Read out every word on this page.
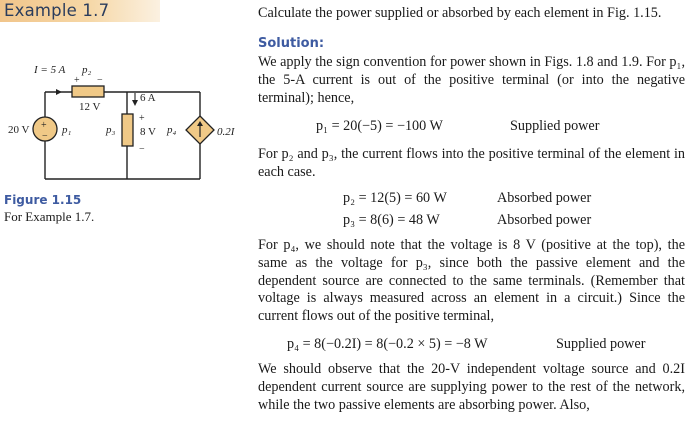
Example 1.7
+
−
I = 5 A p₂
+ −
12 V
20 V	p₁	p₃
6 A
+
8 V
−
p₄	0.2I
Figure 1.15
For Example 1.7.
Calculate the power supplied or absorbed by each element in Fig. 1.15.
Solution:
We apply the sign convention for power shown in Figs. 1.8 and 1.9. For p₁, the 5-A current is out of the positive terminal (or into the negative terminal); hence,
p₁ = 20(−5) = −100 W	Supplied power
For p₂ and p₃, the current flows into the positive terminal of the element in each case.
p₂ = 12(5) = 60 W	Absorbed power
p₃ = 8(6) = 48 W	Absorbed power
For p₄, we should note that the voltage is 8 V (positive at the top), the same as the voltage for p₃, since both the passive element and the dependent source are connected to the same terminals. (Remember that voltage is always measured across an element in a circuit.) Since the current flows out of the positive terminal,
p₄ = 8(−0.2I) = 8(−0.2 × 5) = −8 W	Supplied power
We should observe that the 20-V independent voltage source and 0.2I dependent current source are supplying power to the rest of the network, while the two passive elements are absorbing power. Also,
